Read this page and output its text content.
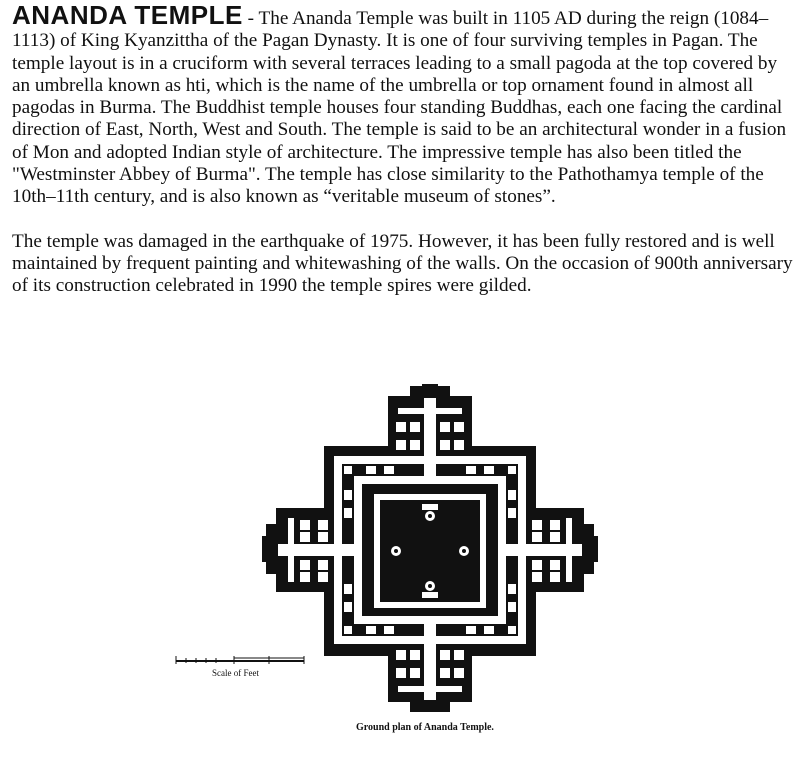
ANANDA TEMPLE - The Ananda Temple was built in 1105 AD during the reign (1084–1113) of King Kyanzittha of the Pagan Dynasty. It is one of four surviving temples in Pagan. The temple layout is in a cruciform with several terraces leading to a small pagoda at the top covered by an umbrella known as hti, which is the name of the umbrella or top ornament found in almost all pagodas in Burma. The Buddhist temple houses four standing Buddhas, each one facing the cardinal direction of East, North, West and South. The temple is said to be an architectural wonder in a fusion of Mon and adopted Indian style of architecture. The impressive temple has also been titled the "Westminster Abbey of Burma". The temple has close similarity to the Pathothamya temple of the 10th–11th century, and is also known as “veritable museum of stones”.

The temple was damaged in the earthquake of 1975. However, it has been fully restored and is well maintained by frequent painting and whitewashing of the walls. On the occasion of 900th anniversary of its construction celebrated in 1990 the temple spires were gilded.

Scale of Feet
Ground plan of Ananda Temple.
